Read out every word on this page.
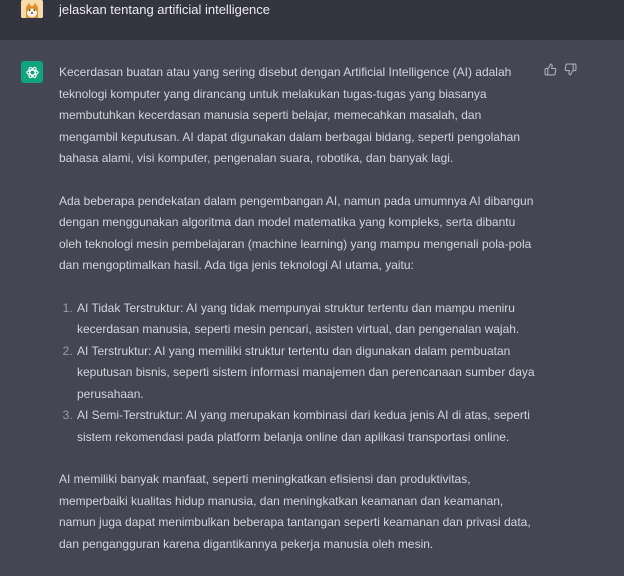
jelaskan tentang artificial intelligence

Kecerdasan buatan atau yang sering disebut dengan Artificial Intelligence (AI) adalah teknologi komputer yang dirancang untuk melakukan tugas-tugas yang biasanya membutuhkan kecerdasan manusia seperti belajar, memecahkan masalah, dan mengambil keputusan. AI dapat digunakan dalam berbagai bidang, seperti pengolahan bahasa alami, visi komputer, pengenalan suara, robotika, dan banyak lagi.

Ada beberapa pendekatan dalam pengembangan AI, namun pada umumnya AI dibangun dengan menggunakan algoritma dan model matematika yang kompleks, serta dibantu oleh teknologi mesin pembelajaran (machine learning) yang mampu mengenali pola-pola dan mengoptimalkan hasil. Ada tiga jenis teknologi AI utama, yaitu:

1. AI Tidak Terstruktur: AI yang tidak mempunyai struktur tertentu dan mampu meniru kecerdasan manusia, seperti mesin pencari, asisten virtual, dan pengenalan wajah.
2. AI Terstruktur: AI yang memiliki struktur tertentu dan digunakan dalam pembuatan keputusan bisnis, seperti sistem informasi manajemen dan perencanaan sumber daya perusahaan.
3. AI Semi-Terstruktur: AI yang merupakan kombinasi dari kedua jenis AI di atas, seperti sistem rekomendasi pada platform belanja online dan aplikasi transportasi online.

AI memiliki banyak manfaat, seperti meningkatkan efisiensi dan produktivitas, memperbaiki kualitas hidup manusia, dan meningkatkan keamanan dan keamanan, namun juga dapat menimbulkan beberapa tantangan seperti keamanan dan privasi data, dan pengangguran karena digantikannya pekerja manusia oleh mesin.
